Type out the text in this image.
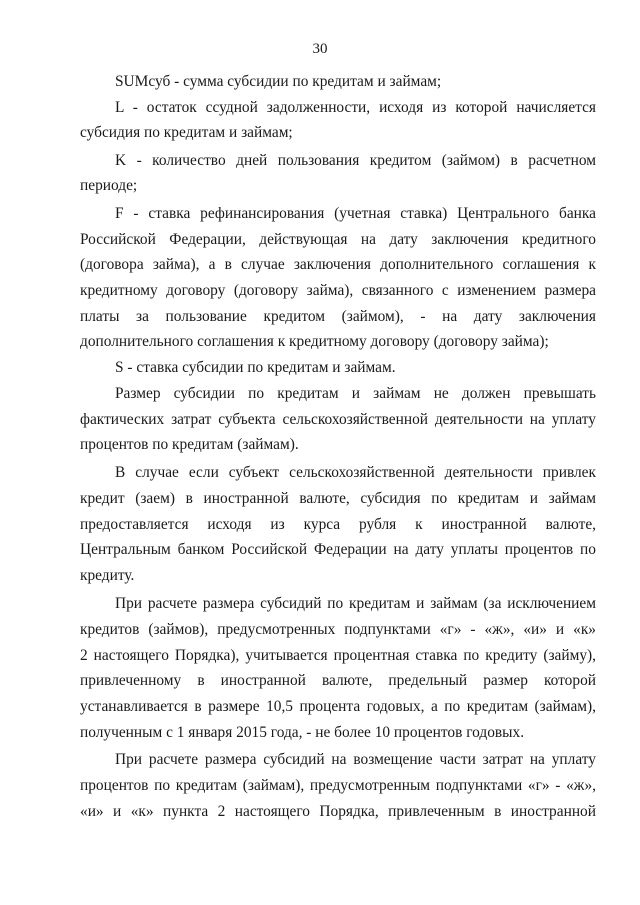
30
SUMсуб - сумма субсидии по кредитам и займам;
L - остаток ссудной задолженности, исходя из которой начисляется
субсидия по кредитам и займам;
K - количество дней пользования кредитом (займом) в расчетном
периоде;
F - ставка рефинансирования (учетная ставка) Центрального банка
Российской Федерации, действующая на дату заключения кредитного
(договора займа), а в случае заключения дополнительного соглашения к
кредитному договору (договору займа), связанного с изменением размера
платы за пользование кредитом (займом), - на дату заключения
дополнительного соглашения к кредитному договору (договору займа);
S - ставка субсидии по кредитам и займам.
Размер субсидии по кредитам и займам не должен превышать
фактических затрат субъекта сельскохозяйственной деятельности на уплату
процентов по кредитам (займам).
В случае если субъект сельскохозяйственной деятельности привлек
кредит (заем) в иностранной валюте, субсидия по кредитам и займам
предоставляется исходя из курса рубля к иностранной валюте,
Центральным банком Российской Федерации на дату уплаты процентов по
кредиту.
При расчете размера субсидий по кредитам и займам (за исключением
кредитов (займов), предусмотренных подпунктами «г» - «ж», «и» и «к»
2 настоящего Порядка), учитывается процентная ставка по кредиту (займу),
привлеченному в иностранной валюте, предельный размер которой
устанавливается в размере 10,5 процента годовых, а по кредитам (займам),
полученным с 1 января 2015 года, - не более 10 процентов годовых.
При расчете размера субсидий на возмещение части затрат на уплату
процентов по кредитам (займам), предусмотренным подпунктами «г» - «ж»,
«и» и «к» пункта 2 настоящего Порядка, привлеченным в иностранной
